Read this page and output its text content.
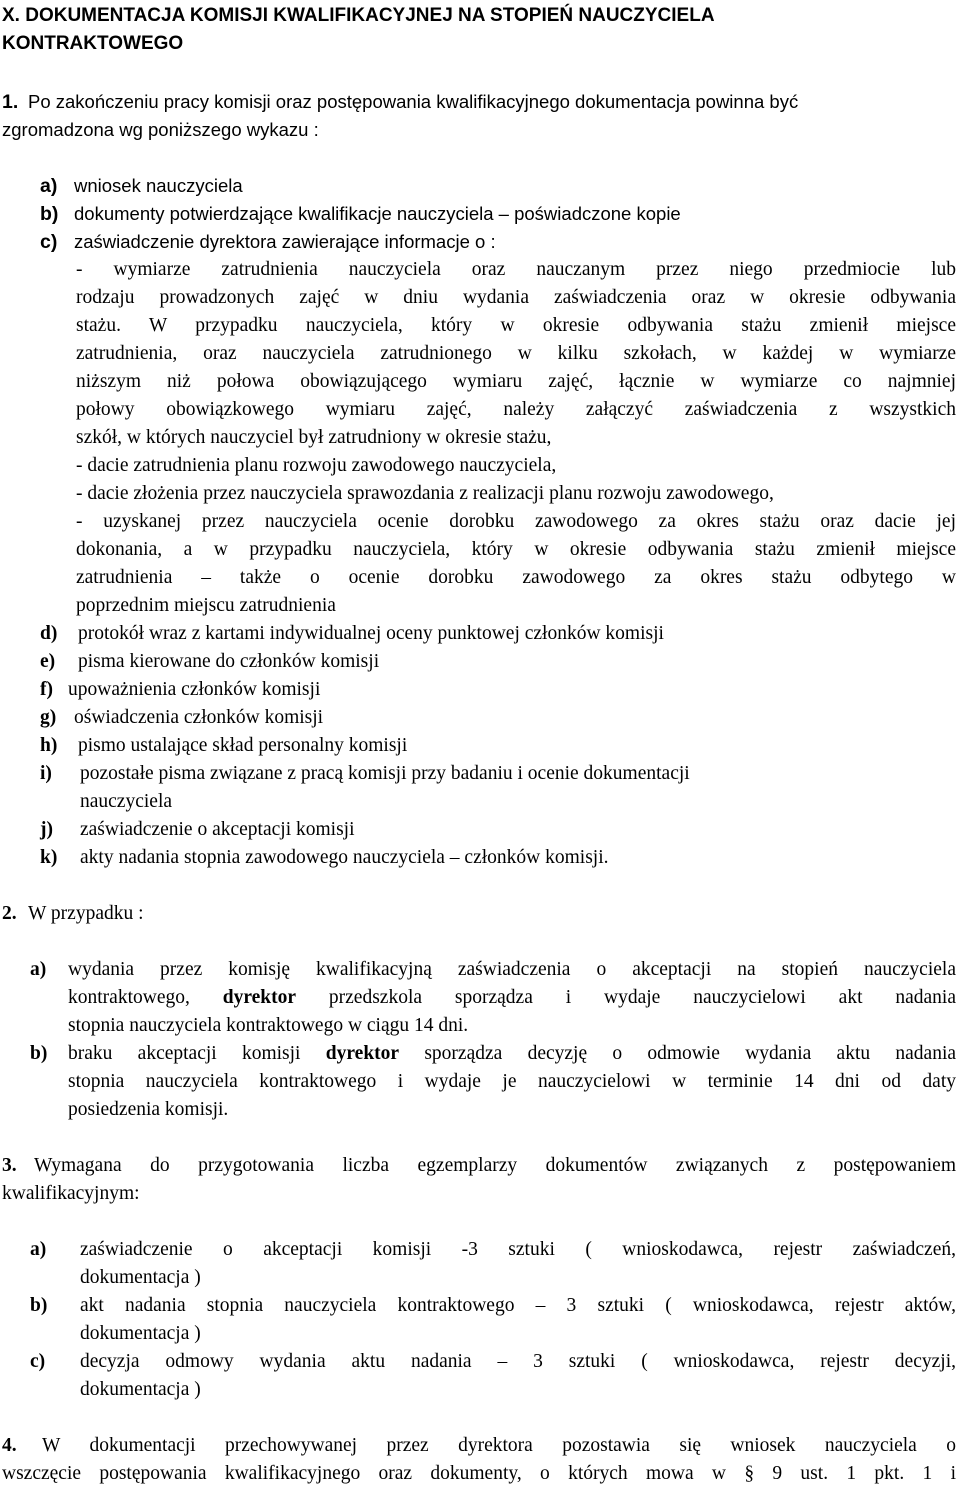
X. DOKUMENTACJA KOMISJI KWALIFIKACYJNEJ NA STOPIEŃ NAUCZYCIELA
KONTRAKTOWEGO
1. Po zakończeniu pracy komisji oraz postępowania kwalifikacyjnego dokumentacja powinna być
zgromadzona wg poniższego wykazu :
a) wniosek nauczyciela
b) dokumenty potwierdzające kwalifikacje nauczyciela – poświadczone kopie
c) zaświadczenie dyrektora zawierające informacje o :
- wymiarze zatrudnienia nauczyciela oraz nauczanym przez niego przedmiocie lub
rodzaju prowadzonych zajęć w dniu wydania zaświadczenia oraz w okresie odbywania
stażu. W przypadku nauczyciela, który w okresie odbywania stażu zmienił miejsce
zatrudnienia, oraz nauczyciela zatrudnionego w kilku szkołach, w każdej w wymiarze
niższym niż połowa obowiązującego wymiaru zajęć, łącznie w wymiarze co najmniej
połowy obowiązkowego wymiaru zajęć, należy załączyć zaświadczenia z wszystkich
szkół, w których nauczyciel był zatrudniony w okresie stażu,
- dacie zatrudnienia planu rozwoju zawodowego nauczyciela,
- dacie złożenia przez nauczyciela sprawozdania z realizacji planu rozwoju zawodowego,
- uzyskanej przez nauczyciela ocenie dorobku zawodowego za okres stażu oraz dacie jej
dokonania, a w przypadku nauczyciela, który w okresie odbywania stażu zmienił miejsce
zatrudnienia – także o ocenie dorobku zawodowego za okres stażu odbytego w
poprzednim miejscu zatrudnienia
d) protokół wraz z kartami indywidualnej oceny punktowej członków komisji
e) pisma kierowane do członków komisji
f) upoważnienia członków komisji
g) oświadczenia członków komisji
h) pismo ustalające skład personalny komisji
i) pozostałe pisma związane z pracą komisji przy badaniu i ocenie dokumentacji
nauczyciela
j) zaświadczenie o akceptacji komisji
k) akty nadania stopnia zawodowego nauczyciela – członków komisji.
2. W przypadku :
a) wydania przez komisję kwalifikacyjną zaświadczenia o akceptacji na stopień nauczyciela
kontraktowego, dyrektor przedszkola sporządza i wydaje nauczycielowi akt nadania
stopnia nauczyciela kontraktowego w ciągu 14 dni.
b) braku akceptacji komisji dyrektor sporządza decyzję o odmowie wydania aktu nadania
stopnia nauczyciela kontraktowego i wydaje je nauczycielowi w terminie 14 dni od daty
posiedzenia komisji.
3. Wymagana do przygotowania liczba egzemplarzy dokumentów związanych z postępowaniem
kwalifikacyjnym:
a) zaświadczenie o akceptacji komisji -3 sztuki ( wnioskodawca, rejestr zaświadczeń,
dokumentacja )
b) akt nadania stopnia nauczyciela kontraktowego – 3 sztuki ( wnioskodawca, rejestr aktów,
dokumentacja )
c) decyzja odmowy wydania aktu nadania – 3 sztuki ( wnioskodawca, rejestr decyzji,
dokumentacja )
4. W dokumentacji przechowywanej przez dyrektora pozostawia się wniosek nauczyciela o
wszczęcie postępowania kwalifikacyjnego oraz dokumenty, o których mowa w § 9 ust. 1 pkt. 1 i
